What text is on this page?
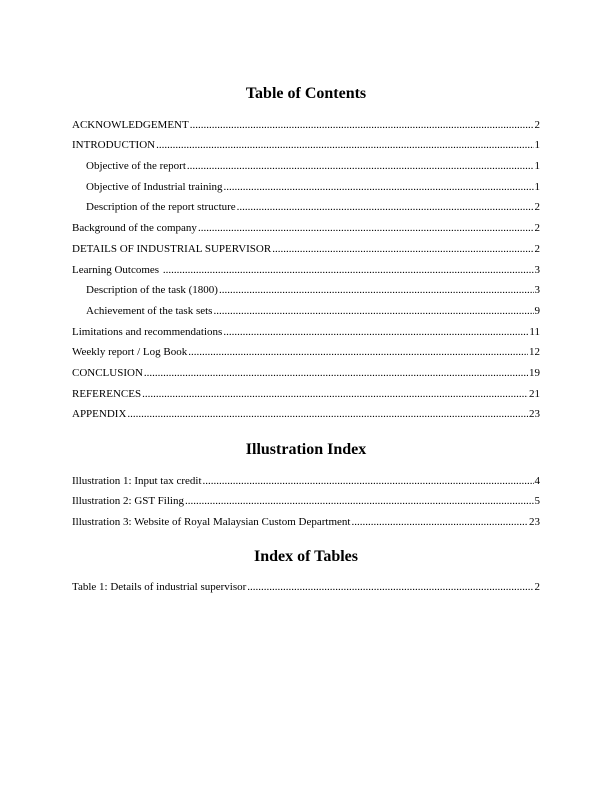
Table of Contents
ACKNOWLEDGEMENT .....	2
INTRODUCTION .....	1
Objective of the report .....	1
Objective of Industrial training .....	1
Description of the report structure .....	2
Background of the company .....	2
DETAILS OF INDUSTRIAL SUPERVISOR .....	2
Learning Outcomes .....	3
Description of the task (1800) .....	3
Achievement of the task sets .....	9
Limitations and recommendations .....	11
Weekly report / Log Book .....	12
CONCLUSION .....	19
REFERENCES .....	21
APPENDIX .....	23
Illustration Index
Illustration 1: Input tax credit .....	4
Illustration 2: GST Filing .....	5
Illustration 3: Website of Royal Malaysian Custom Department .....	23
Index of Tables
Table 1: Details of industrial supervisor .....	2
